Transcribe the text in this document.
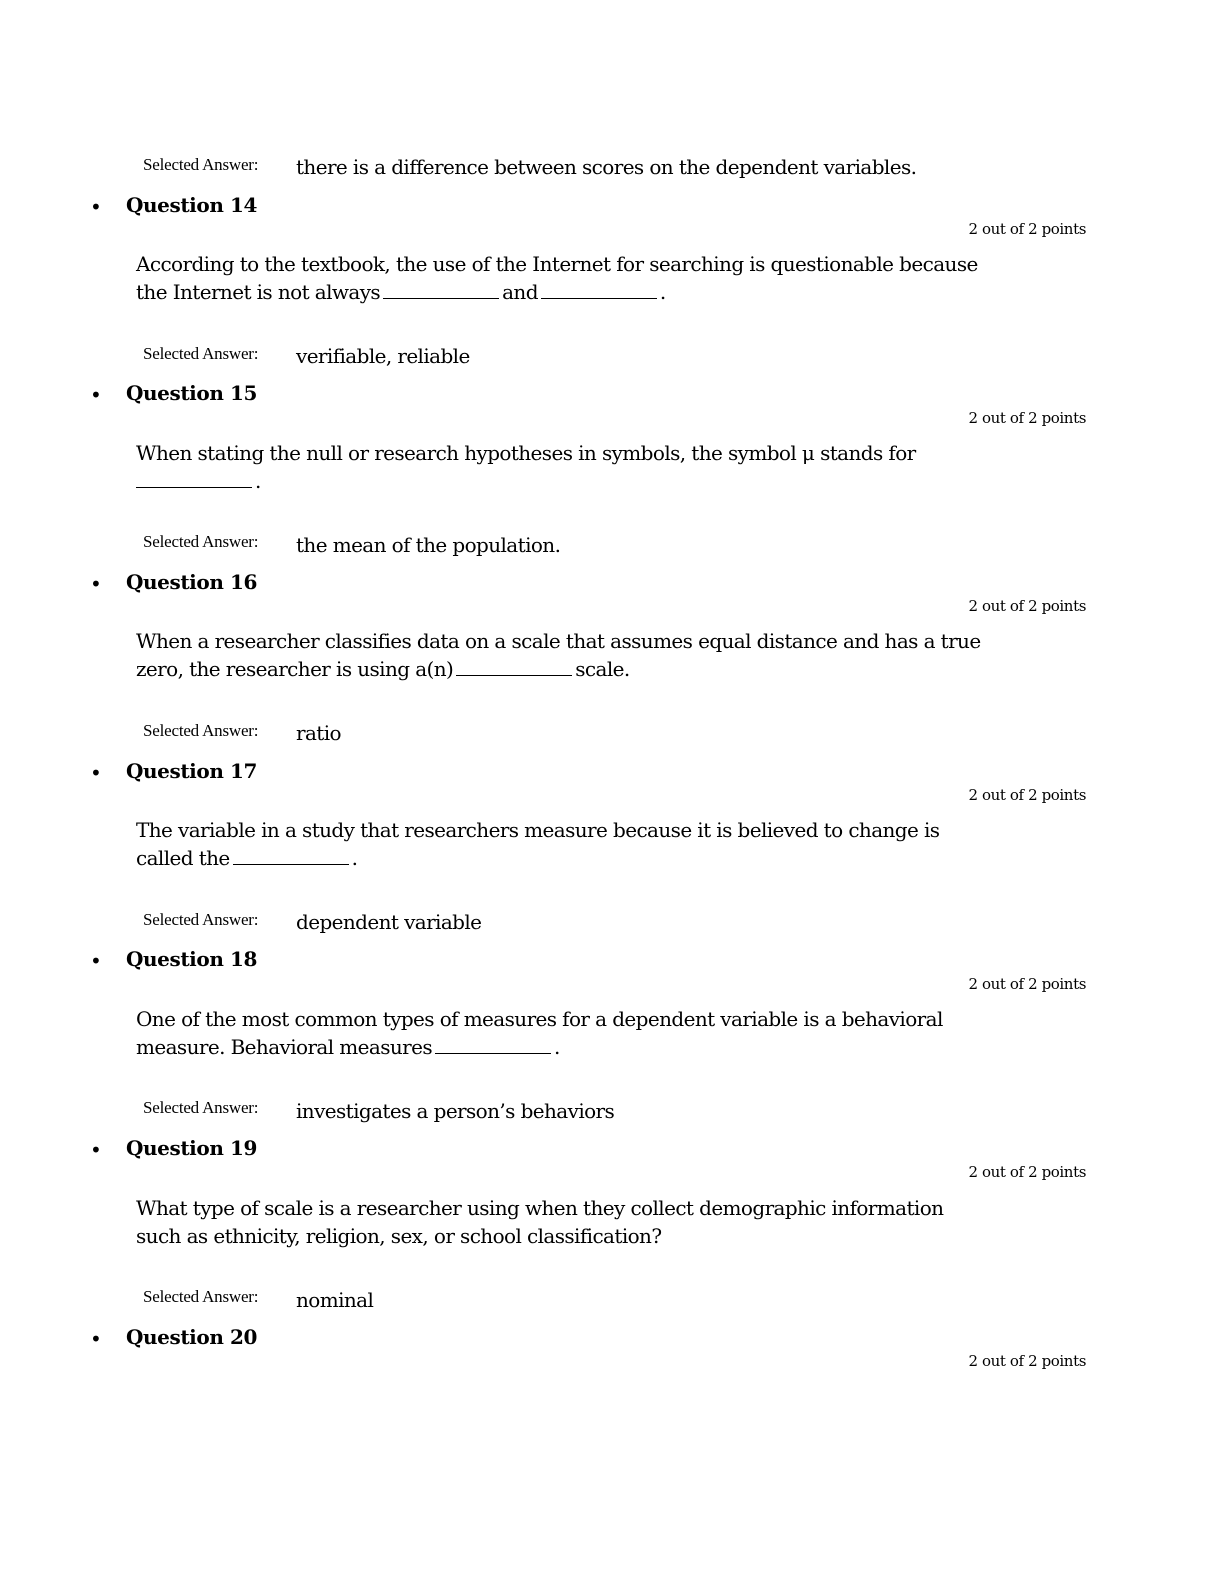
Selected Answer: there is a difference between scores on the dependent variables.
• Question 14
2 out of 2 points
According to the textbook, the use of the Internet for searching is questionable because
the Internet is not always	and	.
Selected Answer: verifiable, reliable
• Question 15
2 out of 2 points
When stating the null or research hypotheses in symbols, the symbol μ stands for
.
Selected Answer: the mean of the population.
• Question 16
2 out of 2 points
When a researcher classifies data on a scale that assumes equal distance and has a true
zero, the researcher is using a(n)	scale.
Selected Answer: ratio
• Question 17
2 out of 2 points
The variable in a study that researchers measure because it is believed to change is
called the	.
Selected Answer: dependent variable
• Question 18
2 out of 2 points
One of the most common types of measures for a dependent variable is a behavioral
measure. Behavioral measures	.
Selected Answer: investigates a person’s behaviors
• Question 19
2 out of 2 points
What type of scale is a researcher using when they collect demographic information
such as ethnicity, religion, sex, or school classification?
Selected Answer: nominal
• Question 20
2 out of 2 points
